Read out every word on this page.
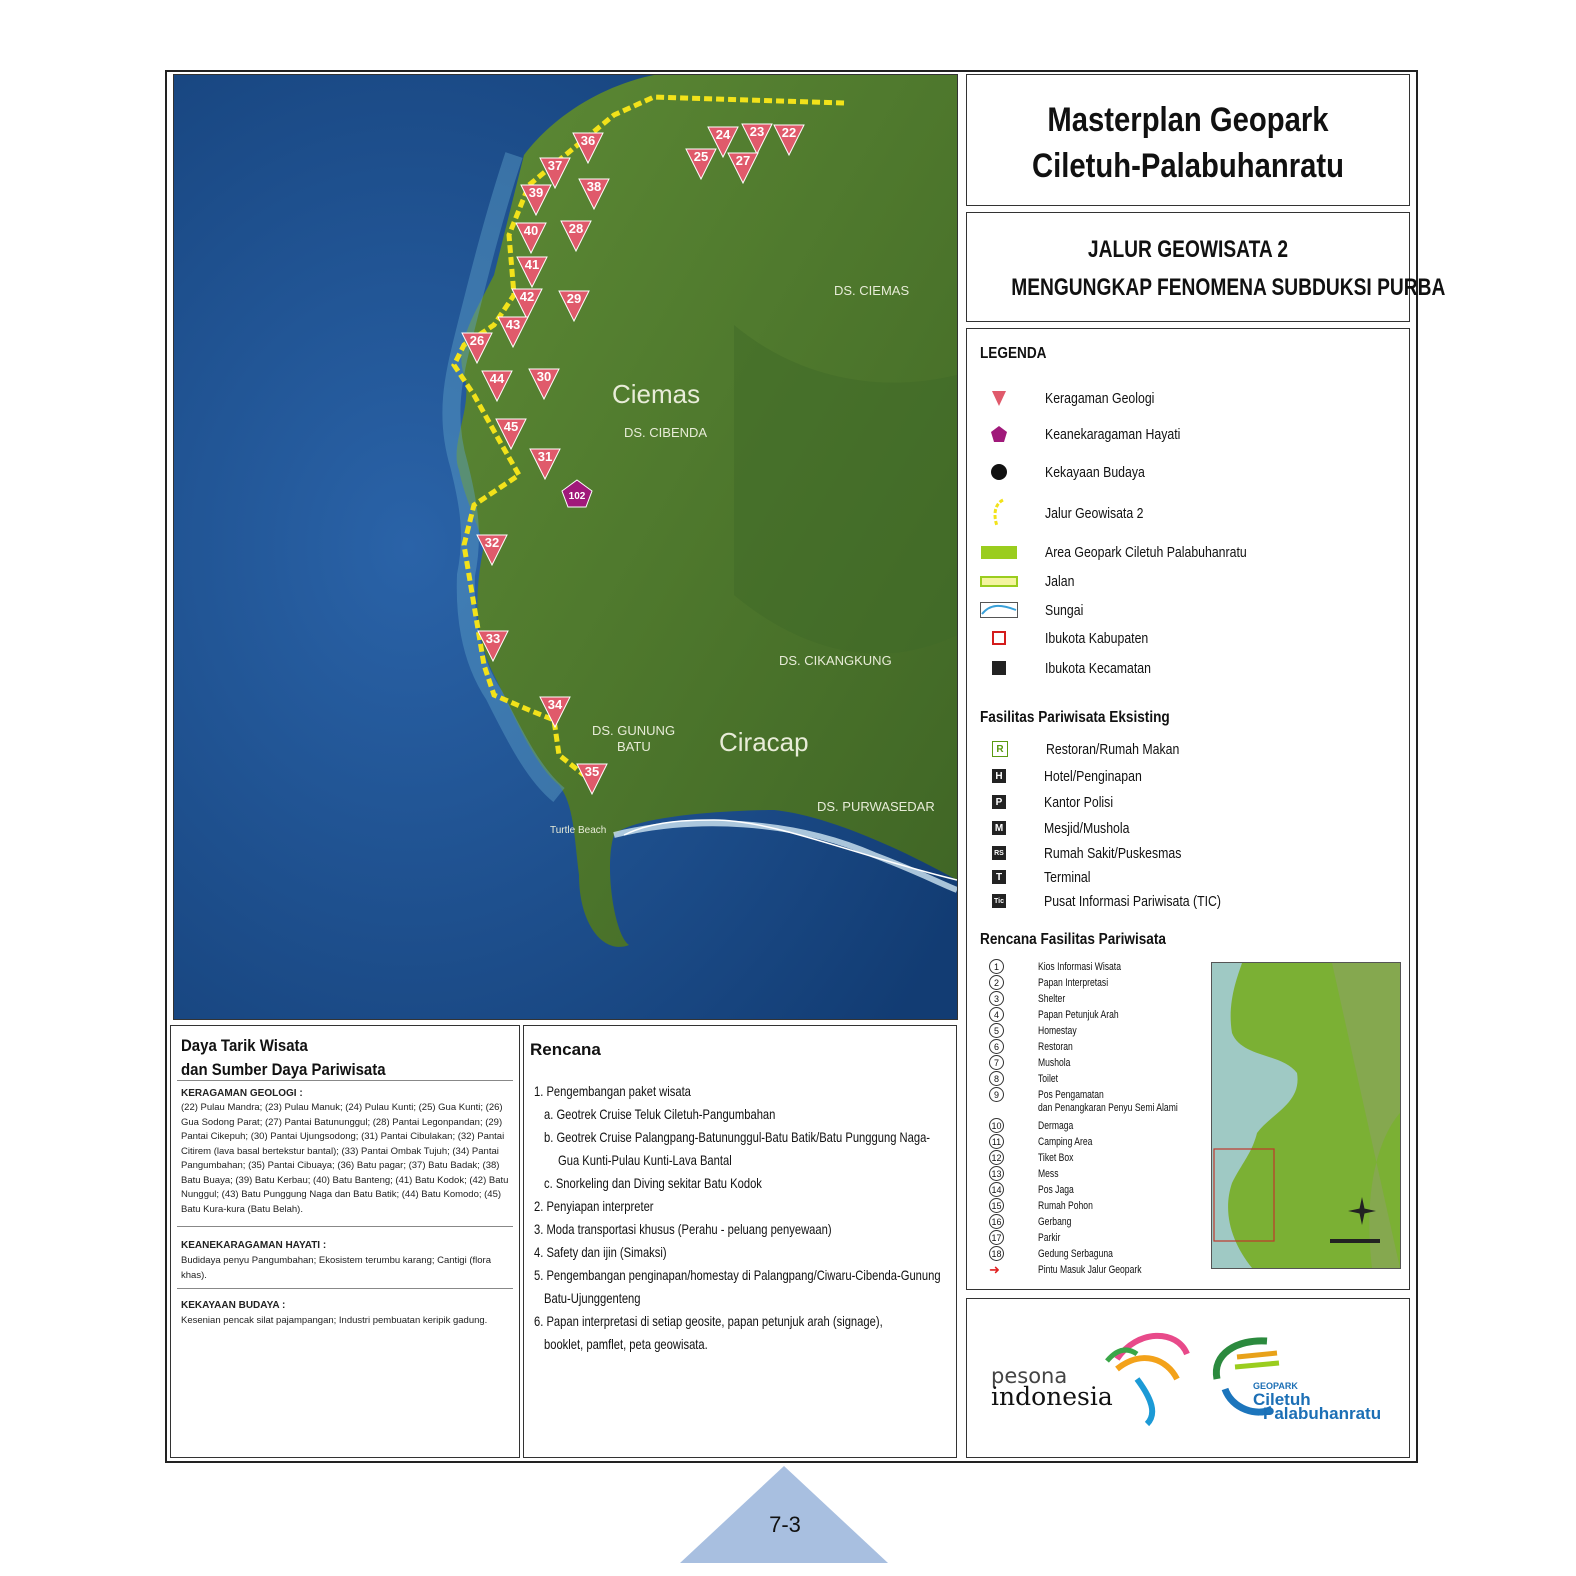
36
37
38
39
40 28
41
42	29
43
26
44	30
45
31
32
33
34
35
24 23 22
25 27
102
Ciemas
Ciracap
DS. CIEMAS
DS. CIBENDA
DS. CIKANGKUNG
DS. GUNUNG
BATU
DS. PURWASEDAR
Turtle Beach
Masterplan Geopark
Ciletuh-Palabuhanratu
JALUR GEOWISATA 2
MENGUNGKAP FENOMENA SUBDUKSI PURBA
LEGENDA
Keragaman Geologi
Keanekaragaman Hayati
Kekayaan Budaya
Jalur Geowisata 2
Area Geopark Ciletuh Palabuhanratu
Jalan
Sungai
Ibukota Kabupaten
Ibukota Kecamatan
Fasilitas Pariwisata Eksisting
R	Restoran/Rumah Makan
H	Hotel/Penginapan
P	Kantor Polisi
M	Mesjid/Mushola
RS	Rumah Sakit/Puskesmas
T	Terminal
Tic	Pusat Informasi Pariwisata (TIC)
Rencana Fasilitas Pariwisata
1	Kios Informasi Wisata
2	Papan Interpretasi
3	Shelter
4	Papan Petunjuk Arah
5	Homestay
6	Restoran
7	Mushola
8	Toilet
9	Pos Pengamatan
dan Penangkaran Penyu Semi Alami
10	Dermaga
11	Camping Area
12	Tiket Box
13	Mess
14	Pos Jaga
15	Rumah Pohon
16	Gerbang
17	Parkir
18	Gedung Serbaguna
➜	Pintu Masuk Jalur Geopark
pesona
indonesia	GEOPARK
Ciletuh
Palabuhanratu
Daya Tarik Wisata
dan Sumber Daya Pariwisata
KERAGAMAN GEOLOGI :
(22) Pulau Mandra; (23) Pulau Manuk; (24) Pulau Kunti; (25) Gua Kunti; (26) Gua Sodong Parat; (27) Pantai Batununggul; (28) Pantai Legonpandan; (29) Pantai Cikepuh; (30) Pantai Ujungsodong; (31) Pantai Cibulakan; (32) Pantai Citirem (lava basal bertekstur bantal); (33) Pantai Ombak Tujuh; (34) Pantai Pangumbahan; (35) Pantai Cibuaya; (36) Batu pagar; (37) Batu Badak; (38) Batu Buaya; (39) Batu Kerbau; (40) Batu Banteng; (41) Batu Kodok; (42) Batu Nunggul; (43) Batu Punggung Naga dan Batu Batik; (44) Batu Komodo; (45) Batu Kura-kura (Batu Belah).
KEANEKARAGAMAN HAYATI :
Budidaya penyu Pangumbahan; Ekosistem terumbu karang; Cantigi (flora khas).
KEKAYAAN BUDAYA :
Kesenian pencak silat pajampangan; Industri pembuatan keripik gadung.
Rencana
1. Pengembangan paket wisata
a. Geotrek Cruise Teluk Ciletuh-Pangumbahan
b. Geotrek Cruise Palangpang-Batununggul-Batu Batik/Batu Punggung Naga-
Gua Kunti-Pulau Kunti-Lava Bantal
c. Snorkeling dan Diving sekitar Batu Kodok
2. Penyiapan interpreter
3. Moda transportasi khusus (Perahu - peluang penyewaan)
4. Safety dan ijin (Simaksi)
5. Pengembangan penginapan/homestay di Palangpang/Ciwaru-Cibenda-Gunung
Batu-Ujunggenteng
6. Papan interpretasi di setiap geosite, papan petunjuk arah (signage),
booklet, pamflet, peta geowisata.
7-3
